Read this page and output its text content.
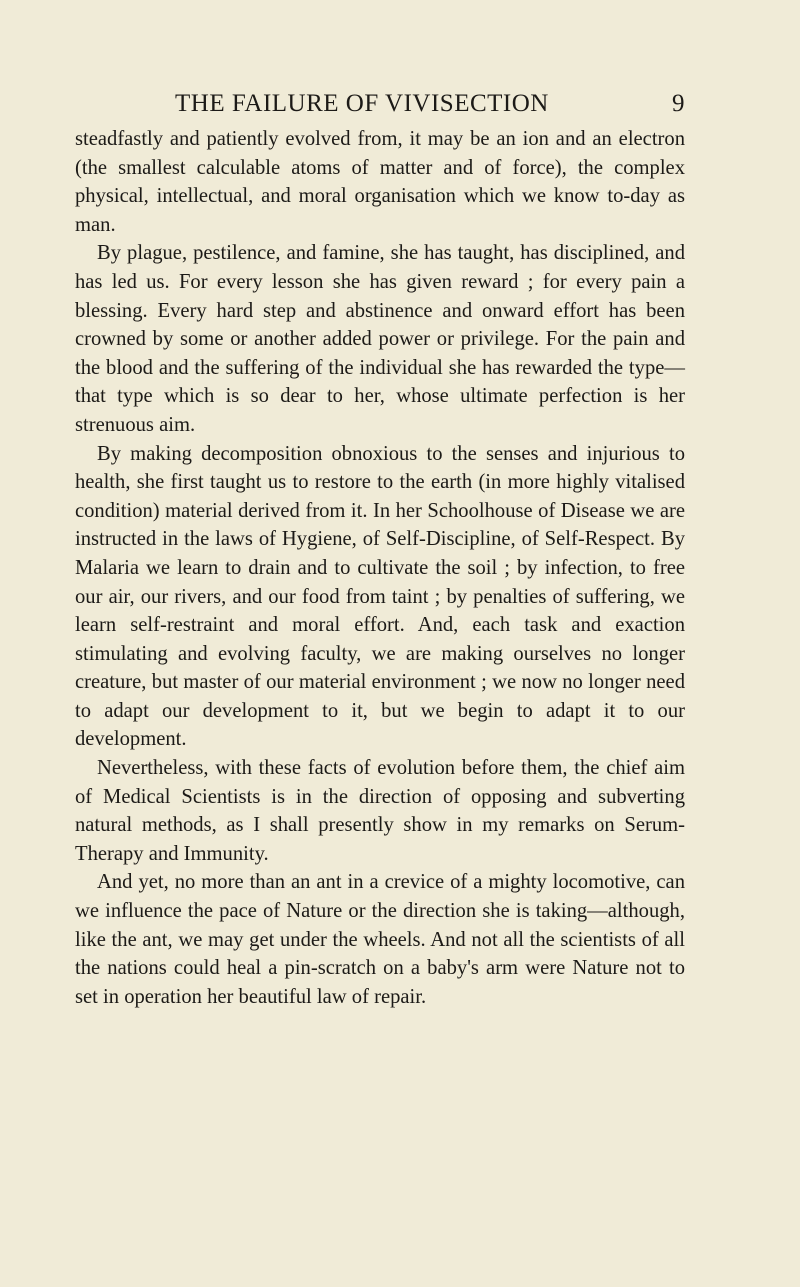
THE FAILURE OF VIVISECTION	9

steadfastly and patiently evolved from, it may be an ion and an electron (the smallest calculable atoms of matter and of force), the complex physical, intellectual, and moral organisation which we know to-day as man.

By plague, pestilence, and famine, she has taught, has disciplined, and has led us. For every lesson she has given reward ; for every pain a blessing. Every hard step and abstinence and onward effort has been crowned by some or another added power or privilege. For the pain and the blood and the suffering of the individual she has rewarded the type—that type which is so dear to her, whose ultimate perfection is her strenuous aim.

By making decomposition obnoxious to the senses and injurious to health, she first taught us to restore to the earth (in more highly vitalised condition) material derived from it. In her Schoolhouse of Disease we are instructed in the laws of Hygiene, of Self-Discipline, of Self-Respect. By Malaria we learn to drain and to cultivate the soil ; by infection, to free our air, our rivers, and our food from taint ; by penalties of suffering, we learn self-restraint and moral effort. And, each task and exaction stimulating and evolving faculty, we are making ourselves no longer creature, but master of our material environment ; we now no longer need to adapt our development to it, but we begin to adapt it to our development.

Nevertheless, with these facts of evolution before them, the chief aim of Medical Scientists is in the direction of opposing and subverting natural methods, as I shall presently show in my remarks on Serum-Therapy and Immunity.

And yet, no more than an ant in a crevice of a mighty locomotive, can we influence the pace of Nature or the direction she is taking—although, like the ant, we may get under the wheels. And not all the scientists of all the nations could heal a pin-scratch on a baby's arm were Nature not to set in operation her beautiful law of repair.
